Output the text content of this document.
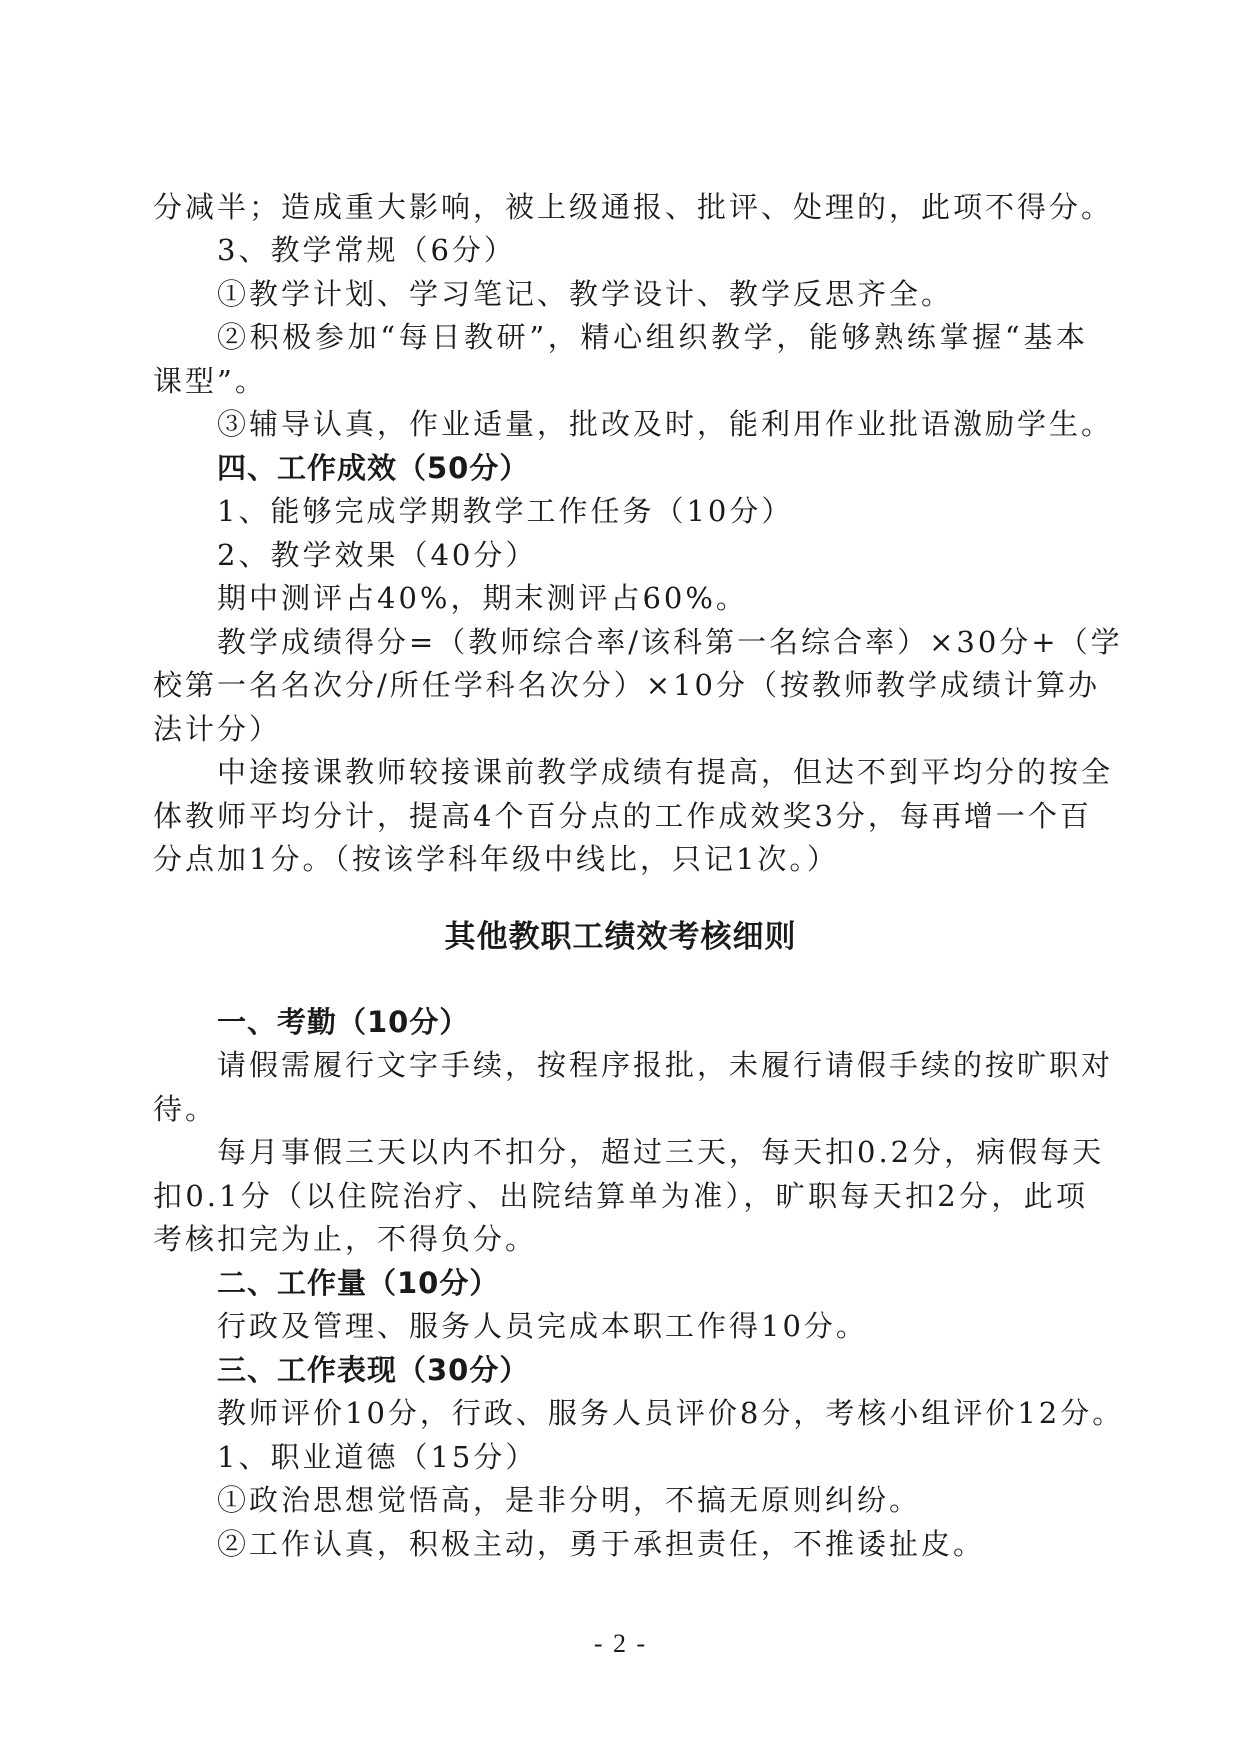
分减半；造成重大影响，被上级通报、批评、处理的，此项不得分。
3、教学常规（6分）
①教学计划、学习笔记、教学设计、教学反思齐全。
②积极参加“每日教研”，精心组织教学，能够熟练掌握“基本
课型”。
③辅导认真，作业适量，批改及时，能利用作业批语激励学生。
四、工作成效（50分）
1、能够完成学期教学工作任务（10分）
2、教学效果（40分）
期中测评占40%，期末测评占60%。
教学成绩得分=（教师综合率/该科第一名综合率）×30分+（学
校第一名名次分/所任学科名次分）×10分（按教师教学成绩计算办
法计分）
中途接课教师较接课前教学成绩有提高，但达不到平均分的按全
体教师平均分计，提高4个百分点的工作成效奖3分，每再增一个百
分点加1分。（按该学科年级中线比，只记1次。）
其他教职工绩效考核细则
一、考勤（10分）
请假需履行文字手续，按程序报批，未履行请假手续的按旷职对
待。
每月事假三天以内不扣分，超过三天，每天扣0.2分，病假每天
扣0.1分（以住院治疗、出院结算单为准），旷职每天扣2分，此项
考核扣完为止，不得负分。
二、工作量（10分）
行政及管理、服务人员完成本职工作得10分。
三、工作表现（30分）
教师评价10分，行政、服务人员评价8分，考核小组评价12分。
1、职业道德（15分）
①政治思想觉悟高，是非分明，不搞无原则纠纷。
②工作认真，积极主动，勇于承担责任，不推诿扯皮。
- 2 -
